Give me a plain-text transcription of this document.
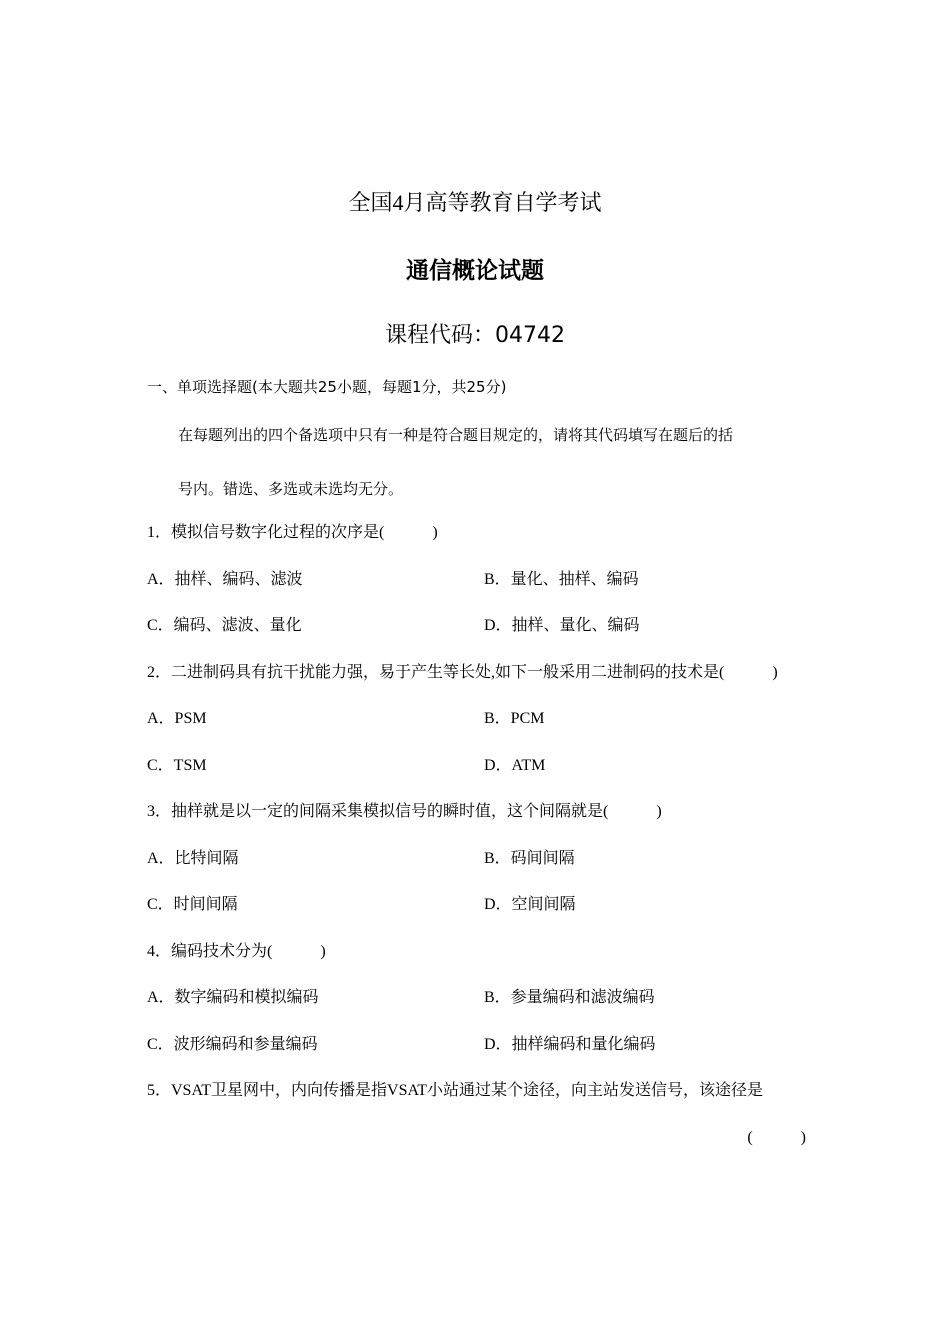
全国4月高等教育自学考试
通信概论试题
课程代码：04742
一、单项选择题(本大题共25小题，每题1分，共25分)
在每题列出的四个备选项中只有一种是符合题目规定的，请将其代码填写在题后的括
号内。错选、多选或未选均无分。
1．模拟信号数字化过程的次序是(　　　)
A．抽样、编码、滤波	B．量化、抽样、编码
C．编码、滤波、量化	D．抽样、量化、编码
2．二进制码具有抗干扰能力强，易于产生等长处,如下一般采用二进制码的技术是(　　　)
A．PSM	B．PCM
C．TSM	D．ATM
3．抽样就是以一定的间隔采集模拟信号的瞬时值，这个间隔就是(　　　)
A．比特间隔	B．码间间隔
C．时间间隔	D．空间间隔
4．编码技术分为(　　　)
A．数字编码和模拟编码	B．参量编码和滤波编码
C．波形编码和参量编码	D．抽样编码和量化编码
5．VSAT卫星网中，内向传播是指VSAT小站通过某个途径，向主站发送信号，该途径是
(　　　)
